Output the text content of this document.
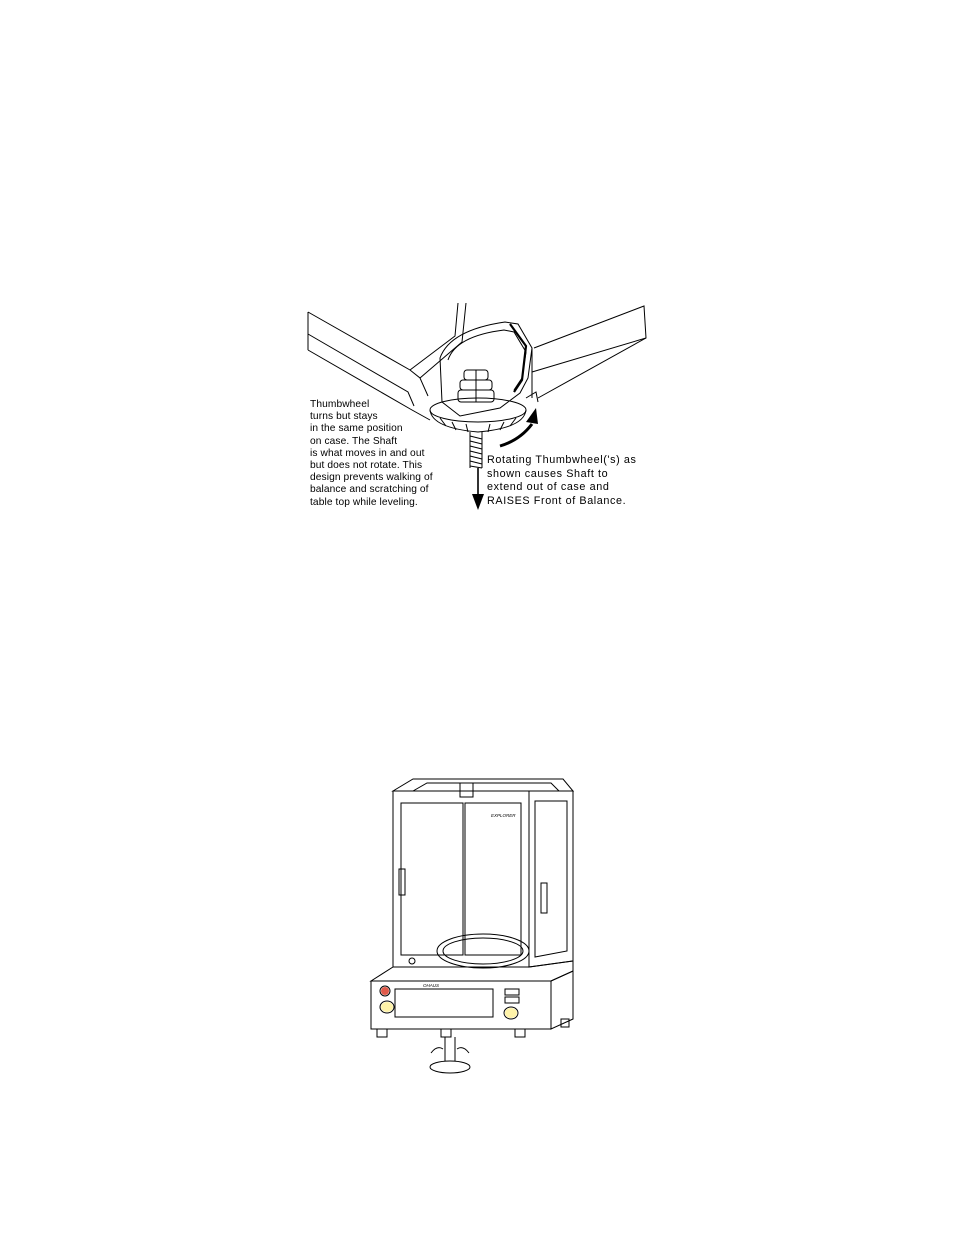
Thumbwheel
turns but stays
in the same position
on case. The Shaft
is what moves in and out
but does not rotate. This
design prevents walking of
balance and scratching of
table top while leveling.
Rotating Thumbwheel('s) as
shown causes Shaft to
extend out of case and
RAISES Front of Balance.
EXPLORER
OHAUS
